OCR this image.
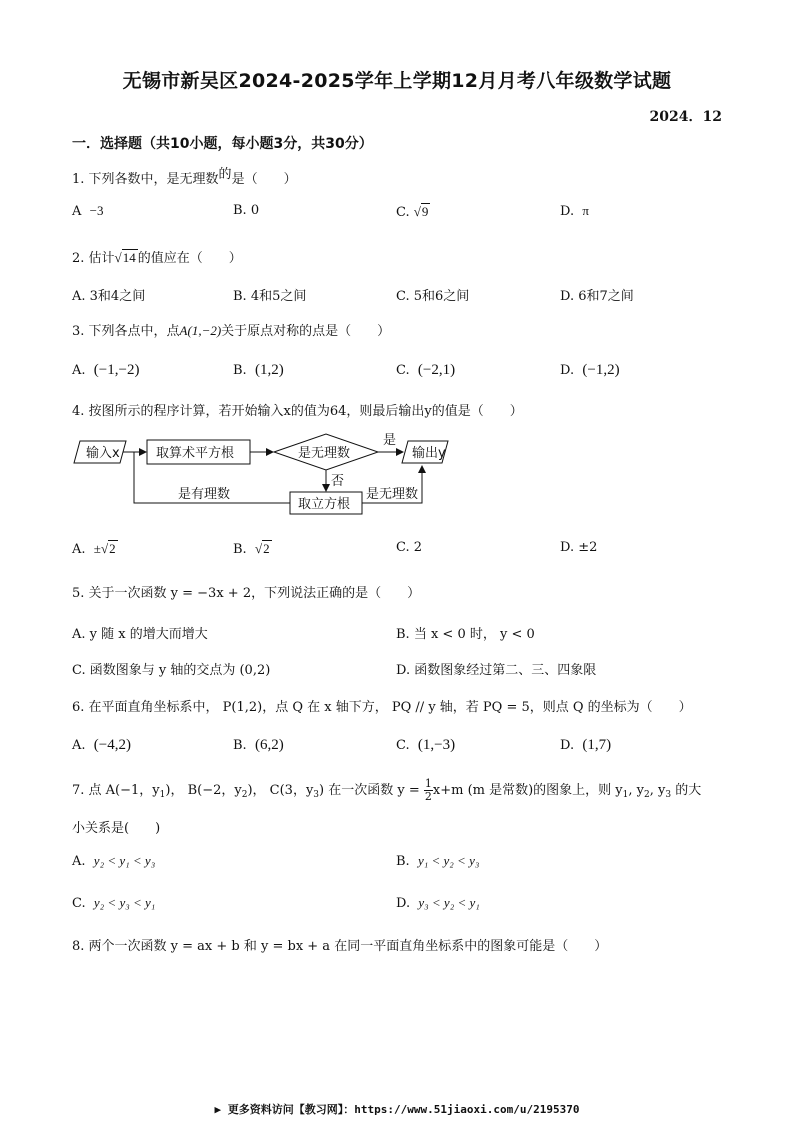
无锡市新吴区2024-2025学年上学期12月月考八年级数学试题
2024．12
一．选择题（共10小题，每小题3分，共30分）
1. 下列各数中，是无理数的是（　　）
A −3	B. 0	C. √9	D. π
2. 估计√14 的值应在（　　）
A. 3和4之间	B. 4和5之间	C. 5和6之间	D. 6和7之间
3. 下列各点中，点A(1,−2)关于原点对称的点是（　　）
A. (−1,−2)	B. (1,2)	C. (−2,1)	D. (−1,2)
4. 按图所示的程序计算，若开始输入x的值为64，则最后输出y的值是（　　）
输入x	取算术平方根	是无理数
是
输出y
否
取立方根
是有理数	是无理数
A. ±√2	B. √2	C. 2	D. ±2
5. 关于一次函数 y = −3x + 2，下列说法正确的是（　　）
A. y 随 x 的增大而增大	B. 当 x < 0 时， y < 0
C. 函数图象与 y 轴的交点为 (0,2)	D. 函数图象经过第二、三、四象限
6. 在平面直角坐标系中， P(1,2)，点 Q 在 x 轴下方， PQ // y 轴，若 PQ = 5，则点 Q 的坐标为（　　）
A. (−4,2)	B. (6,2)	C. (1,−3)	D. (1,7)
7. 点 A(−1，$y_1$)， B(−2，$y_2$)， C(3，$y_3$) 在一次函数 $y = \frac{1}{2} x+m$ (m 是常数)的图象上，则 $y_1$, $y_2$, $y_3$ 的大
小关系是(　　)
A. y₂ < y₁ < y₃	B. y₁ < y₂ < y₃
C. y₂ < y₃ < y₁	D. y₃ < y₂ < y₁
8. 两个一次函数 y = ax + b 和 y = bx + a 在同一平面直角坐标系中的图象可能是（　　）
▶ 更多资料访问【教习网】：https://www.51jiaoxi.com/u/2195370
